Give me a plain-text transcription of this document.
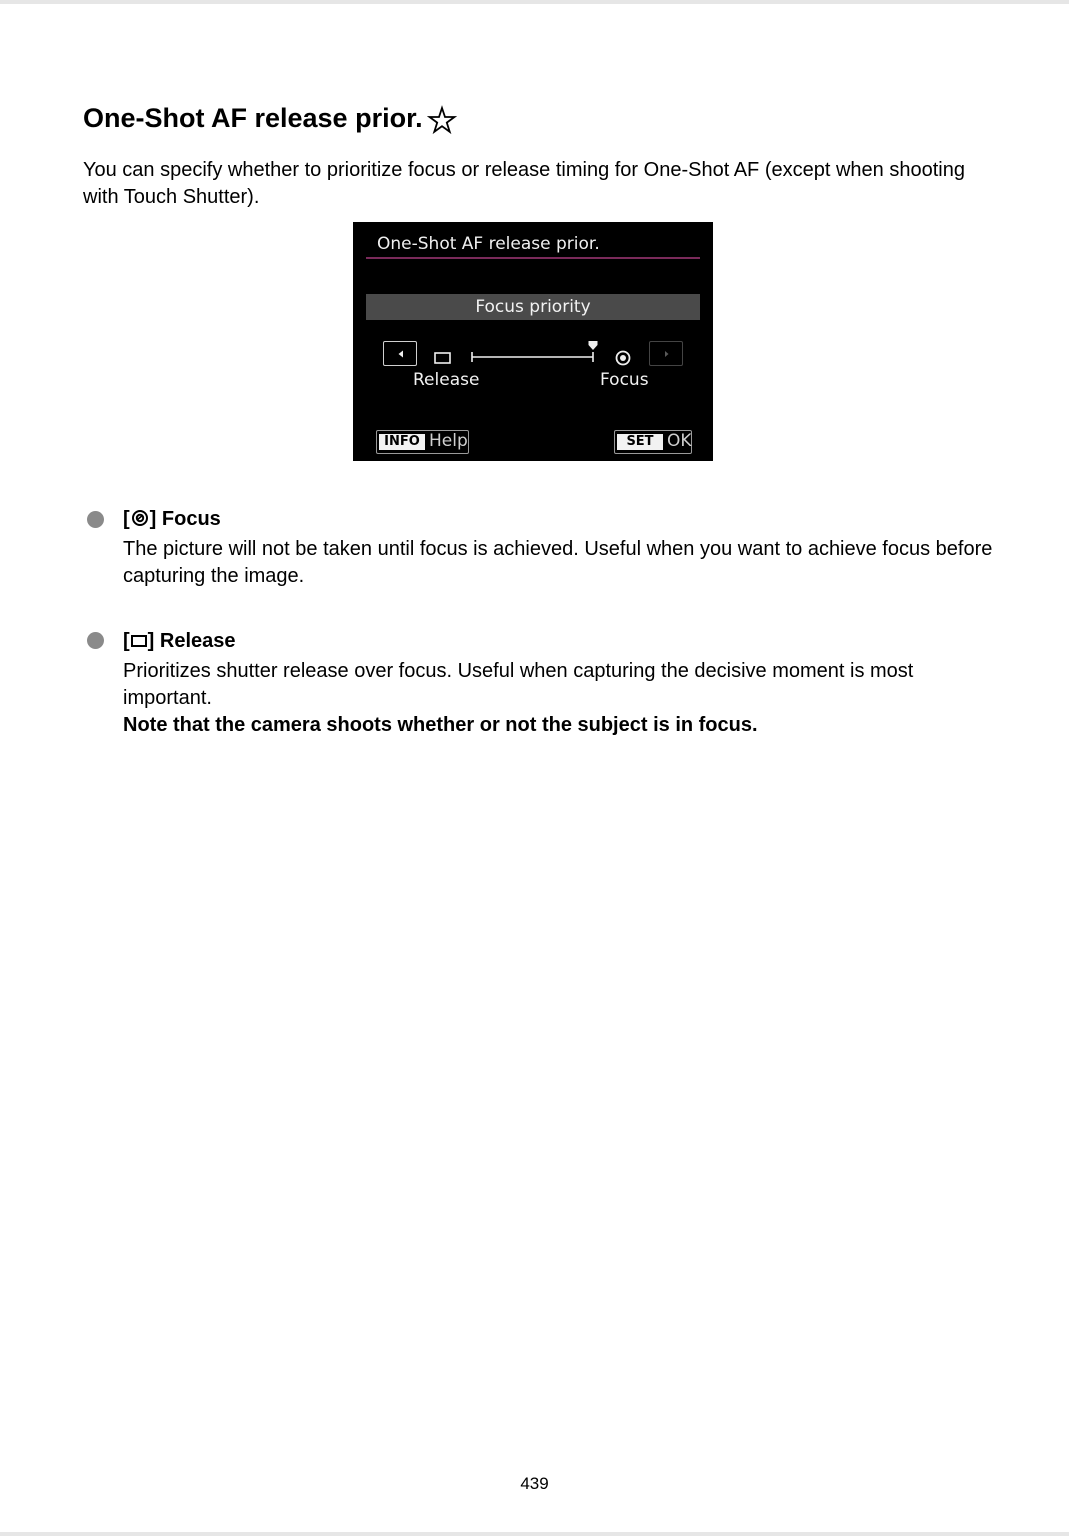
One-Shot AF release prior.
You can specify whether to prioritize focus or release timing for One-Shot AF (except when shooting with Touch Shutter).
One-Shot AF release prior.
Focus priority
Release	Focus
INFO Help	SET OK
[ ] Focus
The picture will not be taken until focus is achieved. Useful when you want to achieve focus before capturing the image.
[ ] Release
Prioritizes shutter release over focus. Useful when capturing the decisive moment is most important.
Note that the camera shoots whether or not the subject is in focus.
439
